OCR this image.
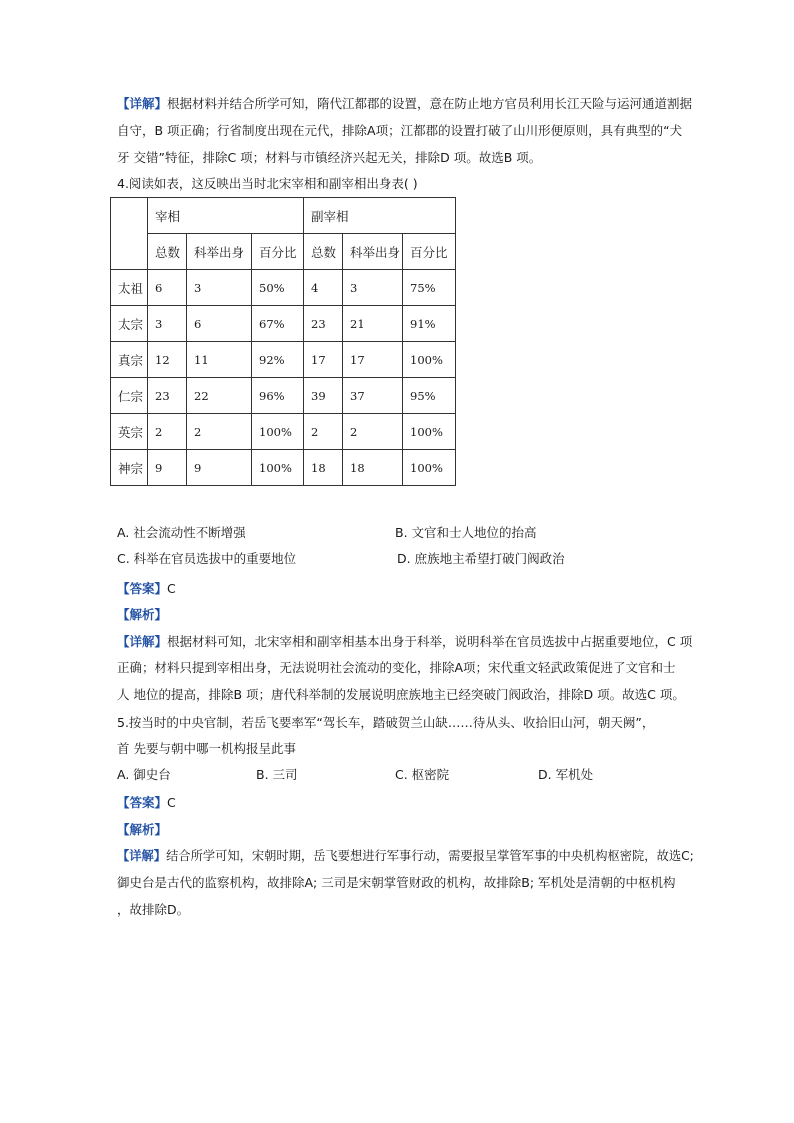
【详解】根据材料并结合所学可知，隋代江都郡的设置，意在防止地方官员利用长江天险与运河通道割据
自守，B 项正确；行省制度出现在元代，排除A项；江都郡的设置打破了山川形便原则，具有典型的“犬
牙 交错”特征，排除C 项；材料与市镇经济兴起无关，排除D 项。故选B 项。
4.阅读如表，这反映出当时北宋宰相和副宰相出身表( )
	宰相			副宰相		
	总数	科举出身	百分比	总数	科举出身	百分比
太祖	6	3	50%	4	3	75%
太宗	3	6	67%	23	21	91%
真宗	12	11	92%	17	17	100%
仁宗	23	22	96%	39	37	95%
英宗	2	2	100%	2	2	100%
神宗	9	9	100%	18	18	100%
A. 社会流动性不断增强	B. 文官和士人地位的抬高
C. 科举在官员选拔中的重要地位	D. 庶族地主希望打破门阀政治
【答案】C
【解析】
【详解】根据材料可知，北宋宰相和副宰相基本出身于科举，说明科举在官员选拔中占据重要地位，C 项
正确；材料只提到宰相出身，无法说明社会流动的变化，排除A项；宋代重文轻武政策促进了文官和士
人 地位的提高，排除B 项；唐代科举制的发展说明庶族地主已经突破门阀政治，排除D 项。故选C 项。
5.按当时的中央官制，若岳飞要率军“驾长车，踏破贺兰山缺……待从头、收拾旧山河，朝天阙”，
首 先要与朝中哪一机构报呈此事
A. 御史台	B. 三司	C. 枢密院	D. 军机处
【答案】C
【解析】
【详解】结合所学可知，宋朝时期，岳飞要想进行军事行动，需要报呈掌管军事的中央机构枢密院，故选C;
御史台是古代的监察机构，故排除A; 三司是宋朝掌管财政的机构，故排除B; 军机处是清朝的中枢机构
，故排除D。
